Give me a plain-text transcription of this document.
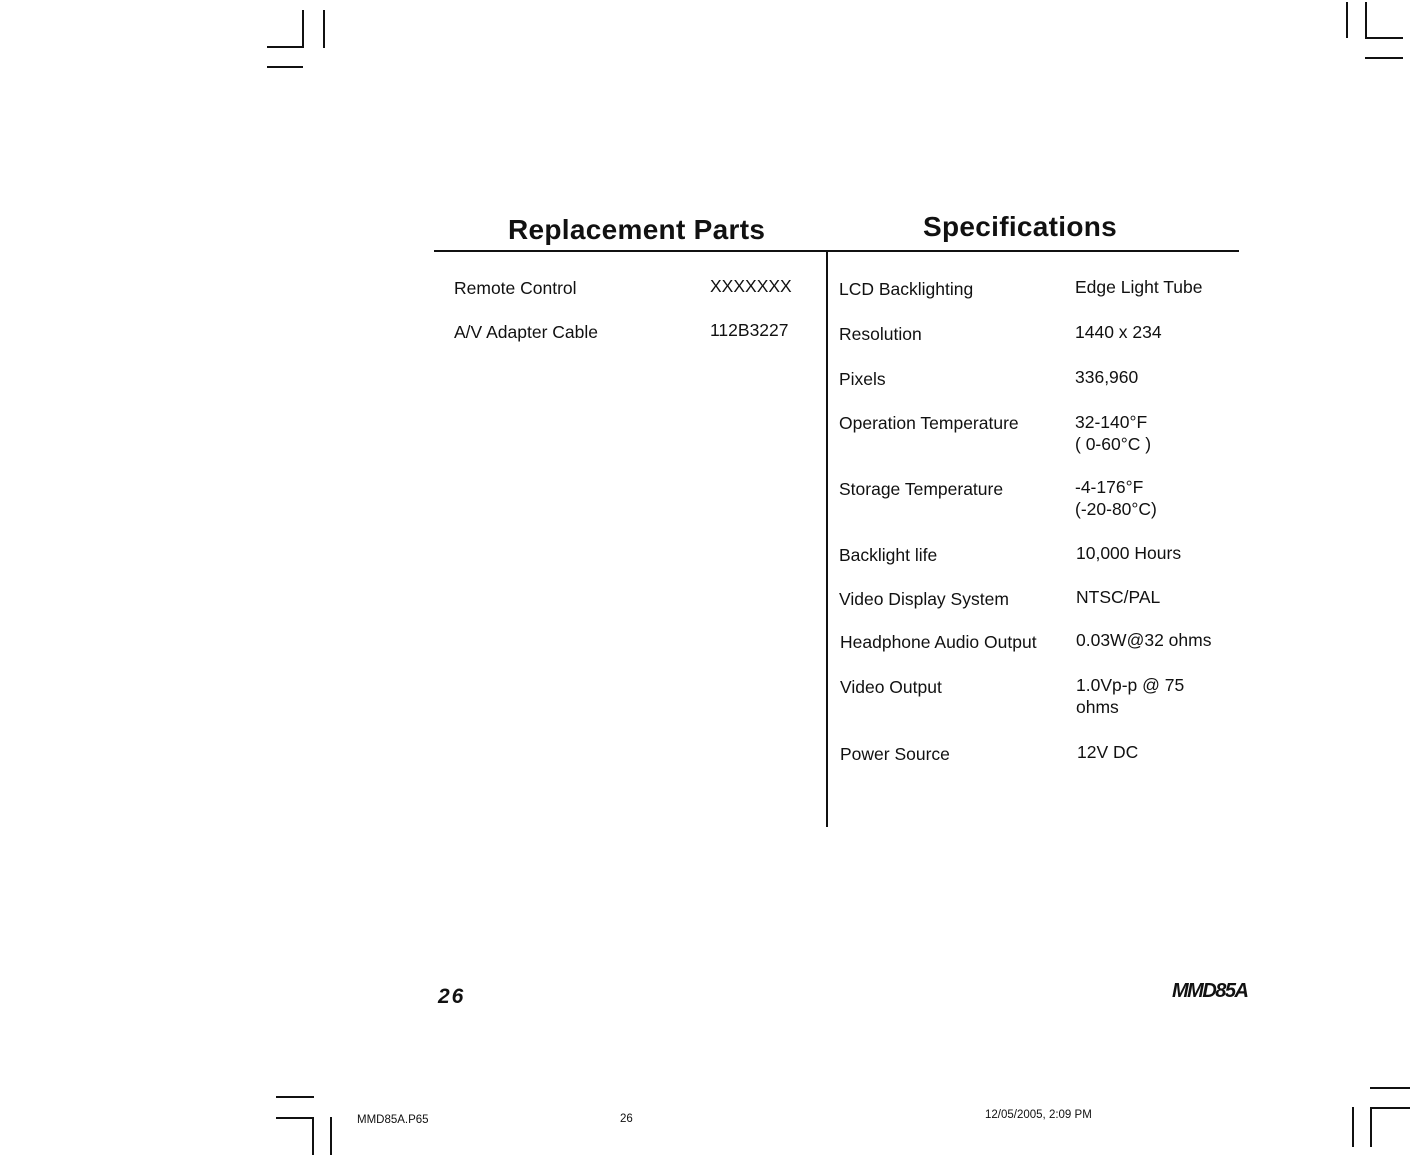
Replacement Parts	Specifications
Remote Control	XXXXXXX
A/V Adapter Cable	112B3227
LCD Backlighting	Edge Light Tube
Resolution	1440 x 234
Pixels	336,960
Operation Temperature	32-140°F
( 0-60°C )
Storage Temperature	-4-176°F
(-20-80°C)
Backlight life	10,000 Hours
Video Display System	NTSC/PAL
Headphone Audio Output 0.03W@32 ohms
Video Output	1.0Vp-p @ 75
ohms
Power Source	12V DC
26	MMD85A
MMD85A.P65	26	12/05/2005, 2:09 PM
